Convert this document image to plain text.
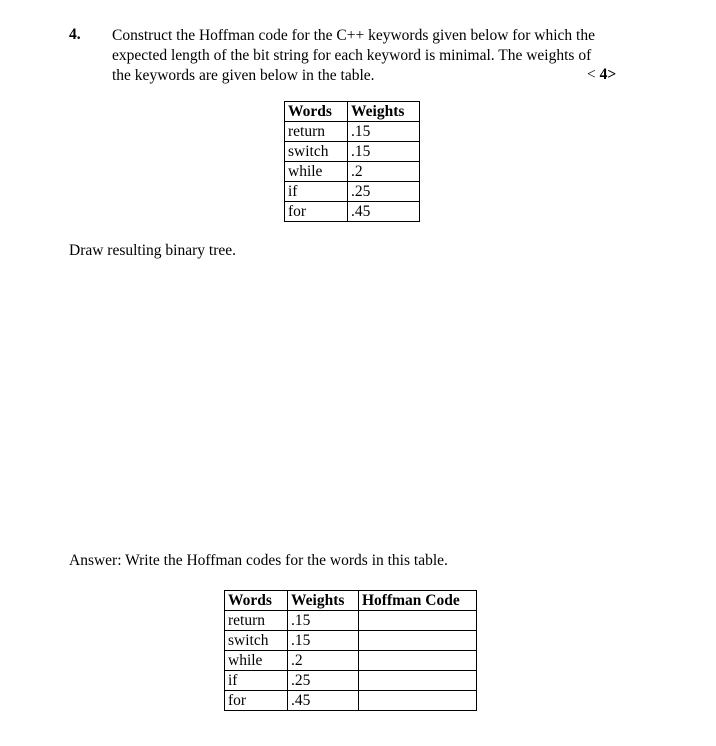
4. Construct the Hoffman code for the C++ keywords given below for which the
expected length of the bit string for each keyword is minimal. The weights of
the keywords are given below in the table.	< 4>
Words	Weights
return	.15
switch	.15
while	.2
if	.25
for	.45
Draw resulting binary tree.
Answer: Write the Hoffman codes for the words in this table.
Words	Weights	Hoffman Code
return	.15	
switch	.15	
while	.2	
if	.25	
for	.45	
